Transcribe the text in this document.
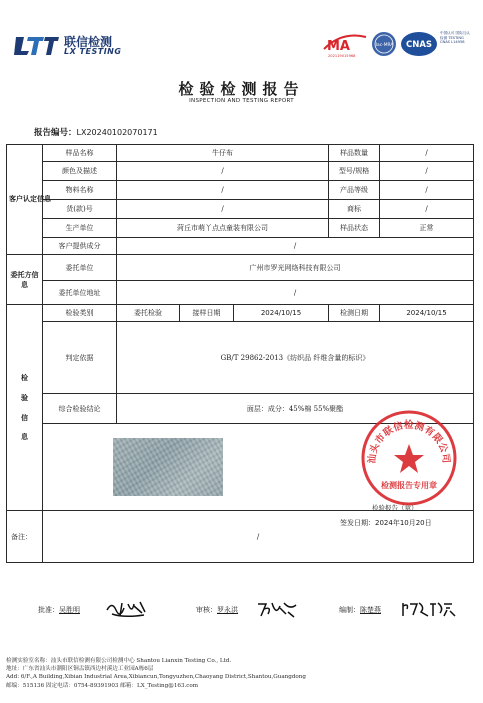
联信检测
LX TESTING	MA
202119015968
ilac-MRA CNAS
中国认可 国际互认 检测 TESTING CNAS L14958
检验检测报告
INSPECTION AND TESTING REPORT
报告编号：LX20240102070171
客户认定信息	样品名称	牛仔布			样品数量	/
	颜色及描述	/			型号/规格	/
	物料名称	/			产品等级	/
	货(款)号	/			商标	/
	生产单位	菏丘市萌丫点点童装有限公司			样品状态	正常
	客户提供成分	/				
委托方信息	委托单位	广州市罗光网络科技有限公司				
	委托单位地址	/				
检验信息	检验类别	委托检验	接样日期	2024/10/15	检测日期	2024/10/15
	判定依据	GB/T 29862-2013《纺织品 纤维含量的标识》				
	综合检验结论	面层：成分：45%棉 55%聚酯				

备注：	/					
汕头市联信检测有限公司
检测报告专用章
检验报告（章）
签发日期：2024年10月20日
批准：吴胜明	审核：罗永洪	编制：陈楚燕
检测实验室名称：汕头市联信检测有限公司检测中心 Shantou Lianxin Testing Co., Ltd.
地址：广东省汕头市潮阳区铜盂镇西边村溪边工业园A栋6层
Add: 6/F.,A Building,Xibian Industrial Area,Xibiancun,Tongyuzhen,Chaoyang District,Shantou,Guangdong
邮编：515136 固定电话：0754-89391903 邮箱：LX_Testing@163.com
